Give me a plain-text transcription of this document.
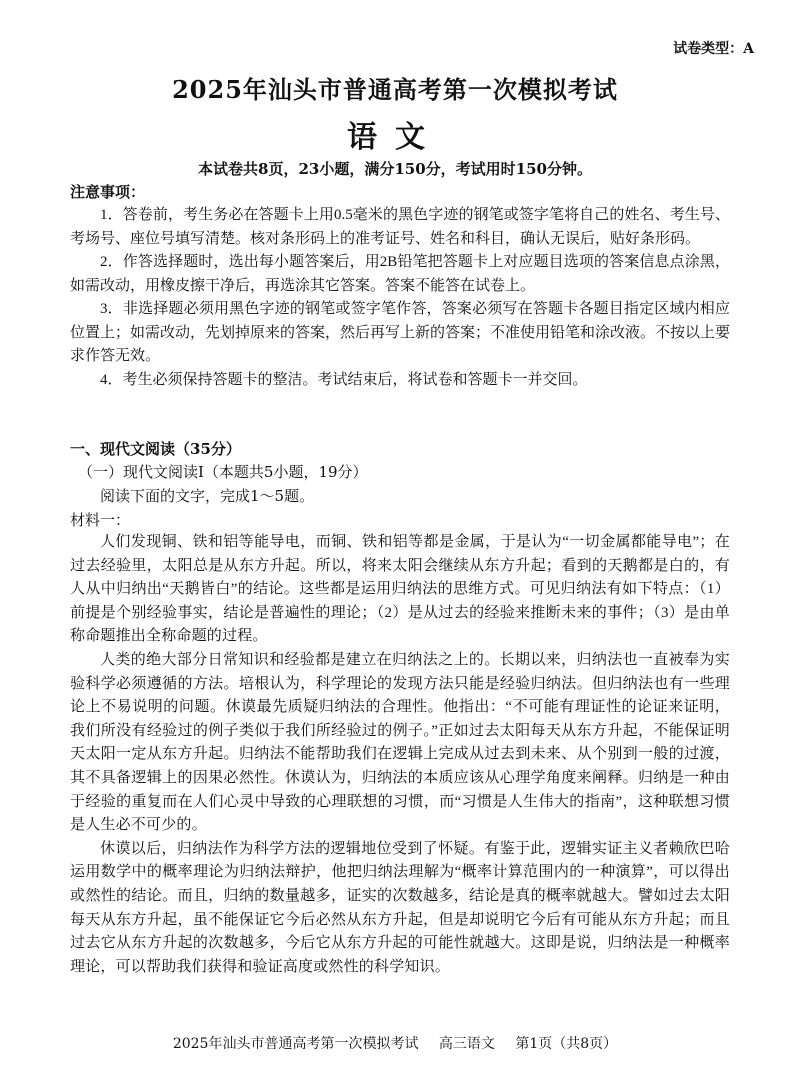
试卷类型：A
2025年汕头市普通高考第一次模拟考试
语文
本试卷共8页，23小题，满分150分，考试用时150分钟。
注意事项：

1．答卷前，考生务必在答题卡上用0.5毫米的黑色字迹的钢笔或签字笔将自己的姓名、考生号、考场号、座位号填写清楚。核对条形码上的准考证号、姓名和科目，确认无误后，贴好条形码。

2．作答选择题时，选出每小题答案后，用2B铅笔把答题卡上对应题目选项的答案信息点涂黑，如需改动，用橡皮擦干净后，再选涂其它答案。答案不能答在试卷上。

3．非选择题必须用黑色字迹的钢笔或签字笔作答，答案必须写在答题卡各题目指定区域内相应位置上；如需改动，先划掉原来的答案，然后再写上新的答案；不准使用铅笔和涂改液。不按以上要求作答无效。

4．考生必须保持答题卡的整洁。考试结束后，将试卷和答题卡一并交回。

一、现代文阅读（35分）
（一）现代文阅读Ⅰ（本题共5小题，19分）
阅读下面的文字，完成1～5题。
材料一：

人们发现铜、铁和铝等能导电，而铜、铁和铝等都是金属，于是认为“一切金属都能导电”；在过去经验里，太阳总是从东方升起。所以，将来太阳会继续从东方升起；看到的天鹅都是白的，有人从中归纳出“天鹅皆白”的结论。这些都是运用归纳法的思维方式。可见归纳法有如下特点：（1）前提是个别经验事实，结论是普遍性的理论；（2）是从过去的经验来推断未来的事件；（3）是由单称命题推出全称命题的过程。

人类的绝大部分日常知识和经验都是建立在归纳法之上的。长期以来，归纳法也一直被奉为实验科学必须遵循的方法。培根认为，科学理论的发现方法只能是经验归纳法。但归纳法也有一些理论上不易说明的问题。休谟最先质疑归纳法的合理性。他指出：“不可能有理证性的论证来证明，我们所没有经验过的例子类似于我们所经验过的例子。”正如过去太阳每天从东方升起，不能保证明天太阳一定从东方升起。归纳法不能帮助我们在逻辑上完成从过去到未来、从个别到一般的过渡，其不具备逻辑上的因果必然性。休谟认为，归纳法的本质应该从心理学角度来阐释。归纳是一种由于经验的重复而在人们心灵中导致的心理联想的习惯，而“习惯是人生伟大的指南”，这种联想习惯是人生必不可少的。

休谟以后，归纳法作为科学方法的逻辑地位受到了怀疑。有鉴于此，逻辑实证主义者赖欣巴哈运用数学中的概率理论为归纳法辩护，他把归纳法理解为“概率计算范围内的一种演算”，可以得出或然性的结论。而且，归纳的数量越多，证实的次数越多，结论是真的概率就越大。譬如过去太阳每天从东方升起，虽不能保证它今后必然从东方升起，但是却说明它今后有可能从东方升起；而且过去它从东方升起的次数越多，今后它从东方升起的可能性就越大。这即是说，归纳法是一种概率理论，可以帮助我们获得和验证高度或然性的科学知识。

2025年汕头市普通高考第一次模拟考试 高三语文 第1页（共8页）
